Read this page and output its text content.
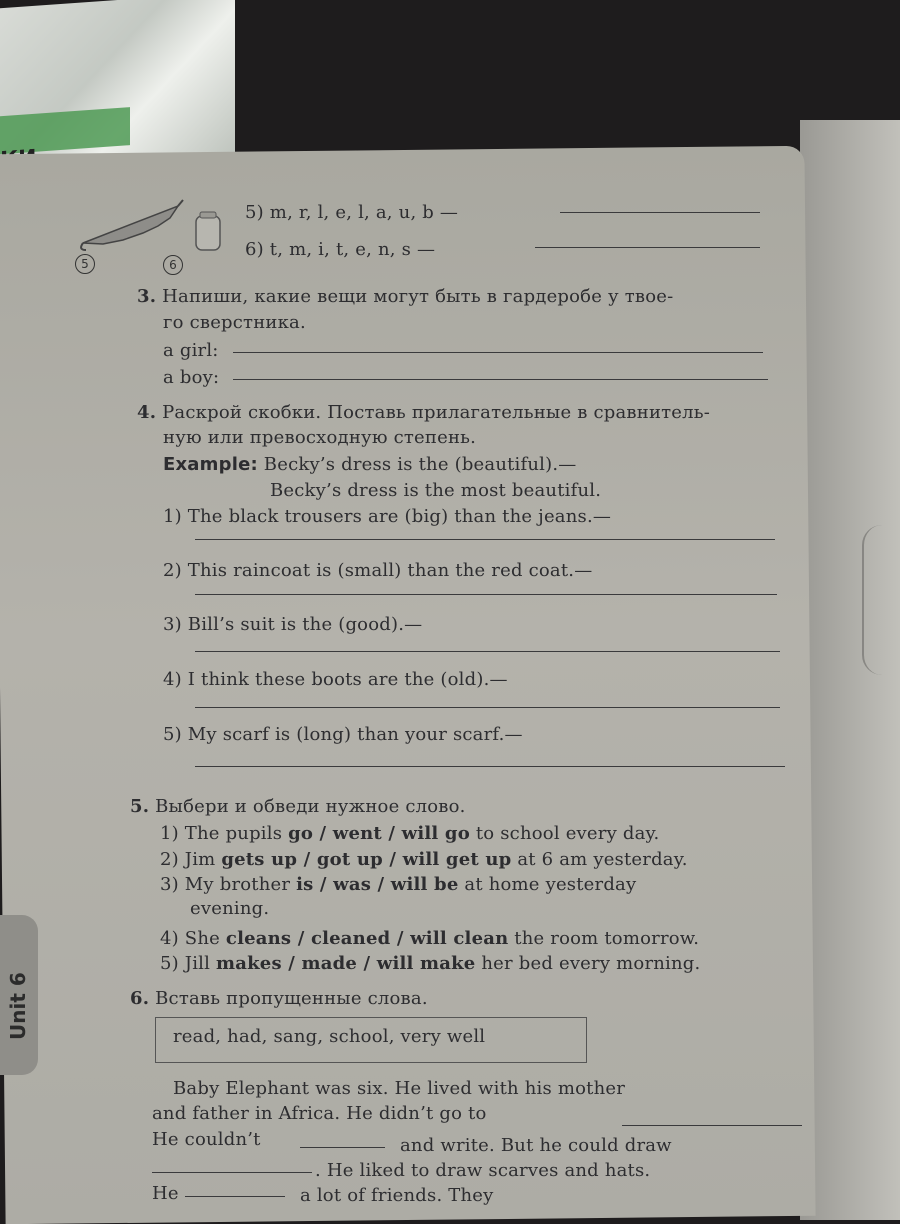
Unit 6
5	6
5) m, r, l, e, l, a, u, b —
6) t, m, i, t, e, n, s —
3. Напиши, какие вещи могут быть в гардеробе у твое-
го сверстника.
a girl:
a boy:
4. Раскрой скобки. Поставь прилагательные в сравнитель-
ную или превосходную степень.
Example: Becky’s dress is the (beautiful).—
Becky’s dress is the most beautiful.
1) The black trousers are (big) than the jeans.—
2) This raincoat is (small) than the red coat.—
3) Bill’s suit is the (good).—
4) I think these boots are the (old).—
5) My scarf is (long) than your scarf.—
5. Выбери и обведи нужное слово.
1) The pupils go / went / will go to school every day.
2) Jim gets up / got up / will get up at 6 am yesterday.
3) My brother is / was / will be at home yesterday
evening.
4) She cleans / cleaned / will clean the room tomorrow.
5) Jill makes / made / will make her bed every morning.
6. Вставь пропущенные слова.
read, had, sang, school, very well
Baby Elephant was six. He lived with his mother
and father in Africa. He didn’t go to
He couldn’t	and write. But he could draw
. He liked to draw scarves and hats.
He	a lot of friends. They
